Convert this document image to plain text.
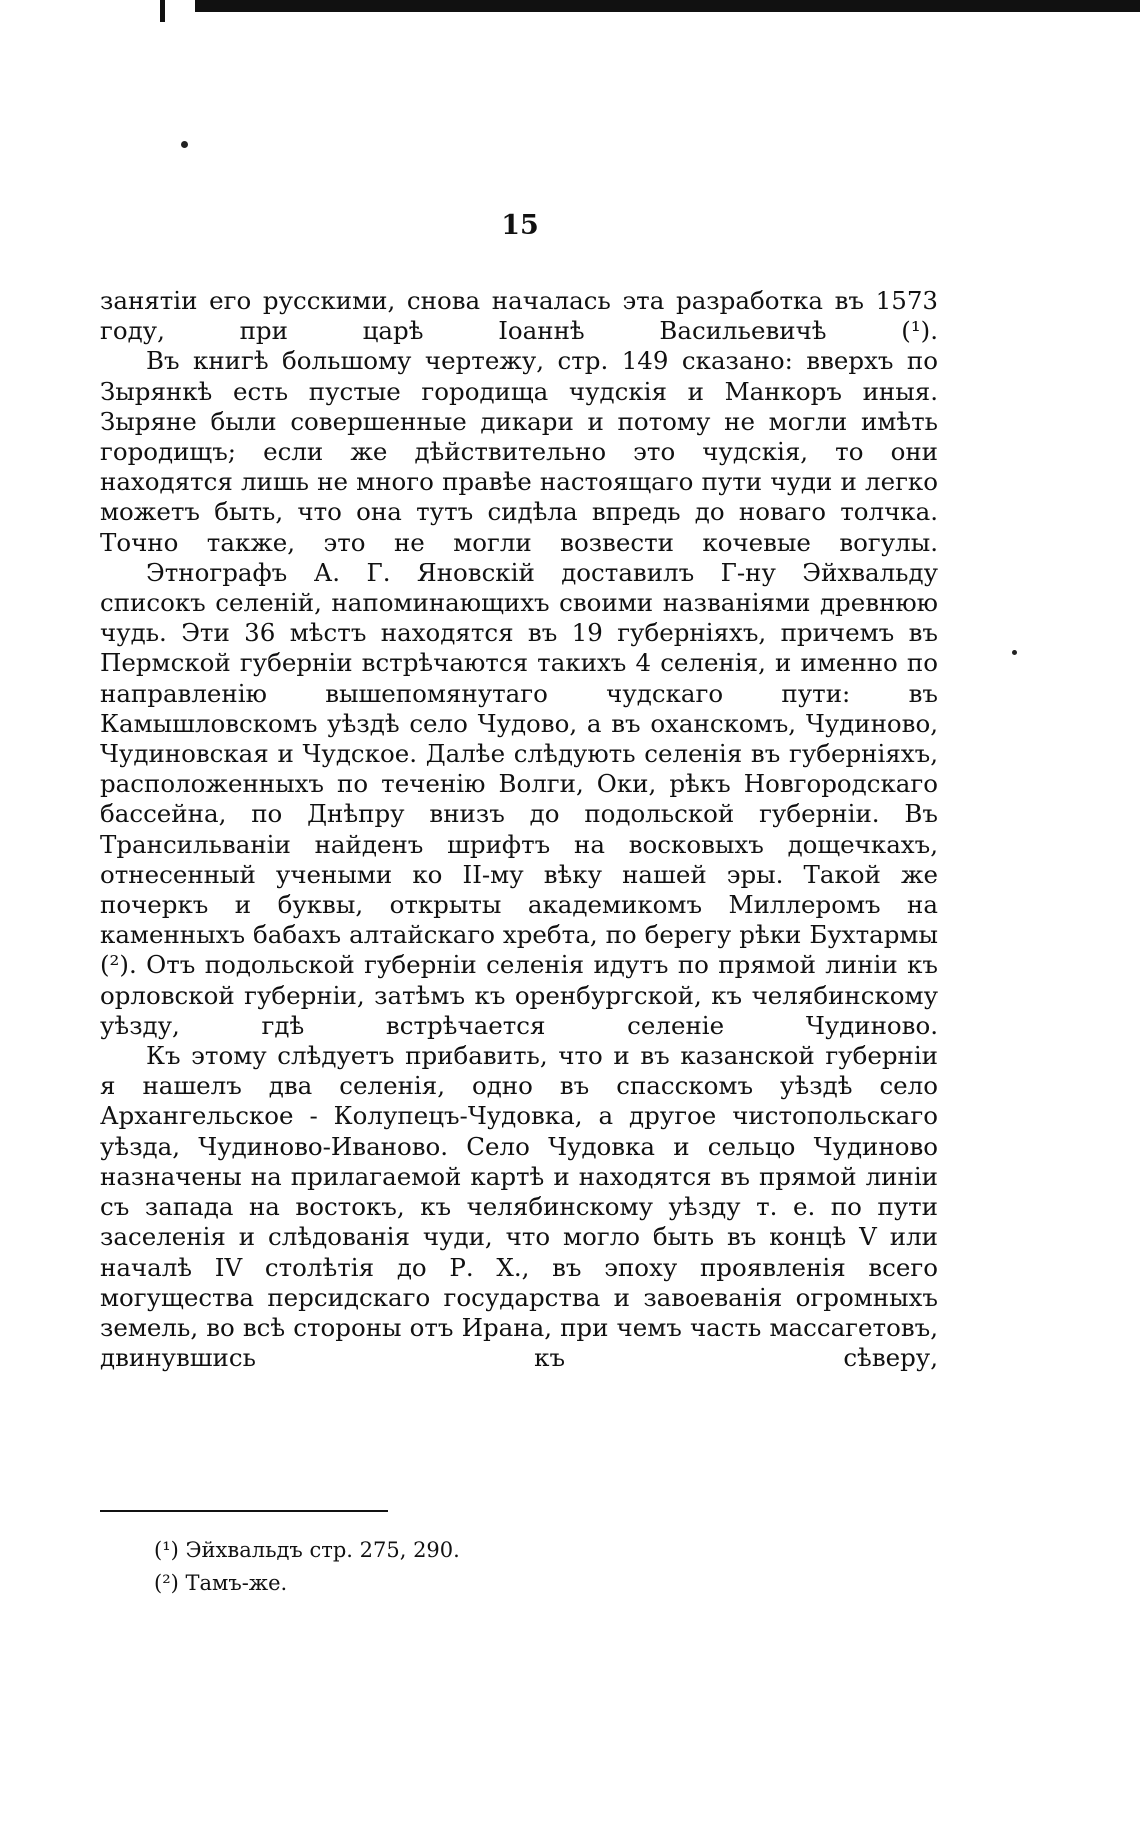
15

занятіи его русскими, снова началась эта разработка въ 1573 году, при царѣ Іоаннѣ Васильевичѣ (¹).

Въ книгѣ большому чертежу, стр. 149 сказано: вверхъ по Зырянкѣ есть пустые городища чудскія и Манкоръ иныя. Зыряне были совершенные дикари и потому не могли имѣть городищъ; если же дѣйствительно это чудскія, то они находятся лишь не много правѣе настоящаго пути чуди и легко можетъ быть, что она тутъ сидѣла впредь до новаго толчка. Точно также, это не могли возвести кочевые вогулы.

Этнографъ А. Г. Яновскій доставилъ Г-ну Эйхвальду списокъ селеній, напоминающихъ своими названіями древнюю чудь. Эти 36 мѣстъ находятся въ 19 губерніяхъ, причемъ въ Пермской губерніи встрѣчаются такихъ 4 селенія, и именно по направленію вышепомянутаго чудскаго пути: въ Камышловскомъ уѣздѣ село Чудово, а въ оханскомъ, Чудиново, Чудиновская и Чудское. Далѣе слѣдують селенія въ губерніяхъ, расположенныхъ по теченію Волги, Оки, рѣкъ Новгородскаго бассейна, по Днѣпру внизъ до подольской губерніи. Въ Трансильваніи найденъ шрифтъ на восковыхъ дощечкахъ, отнесенный учеными ко II-му вѣку нашей эры. Такой же почеркъ и буквы, открыты академикомъ Миллеромъ на каменныхъ бабахъ алтайскаго хребта, по берегу рѣки Бухтармы (²). Отъ подольской губерніи селенія идутъ по прямой линіи къ орловской губерніи, затѣмъ къ оренбургской, къ челябинскому уѣзду, гдѣ встрѣчается селеніе Чудиново.

Къ этому слѣдуетъ прибавить, что и въ казанской губерніи я нашелъ два селенія, одно въ спасскомъ уѣздѣ село Архангельское - Колупецъ-Чудовка, а другое чистопольскаго уѣзда, Чудиново-Иваново. Село Чудовка и сельцо Чудиново назначены на прилагаемой картѣ и находятся въ прямой линіи съ запада на востокъ, къ челябинскому уѣзду т. е. по пути заселенія и слѣдованія чуди, что могло быть въ концѣ V или началѣ IV столѣтія до Р. Х., въ эпоху проявленія всего могущества персидскаго государства и завоеванія огромныхъ земель, во всѣ стороны отъ Ирана, при чемъ часть массагетовъ, двинувшись къ сѣверу,

(¹) Эйхвальдъ стр. 275, 290.

(²) Тамъ-же.
